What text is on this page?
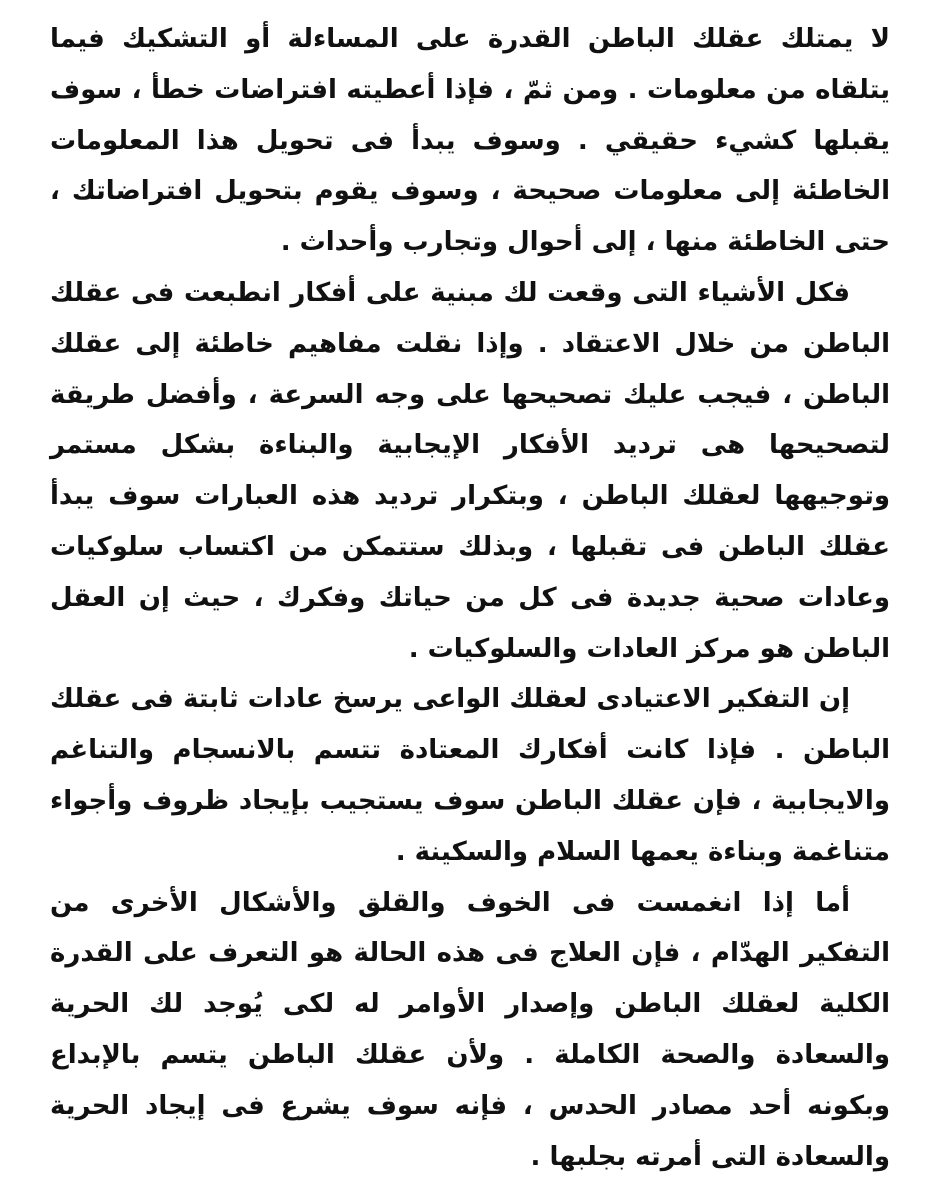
لا يمتلك عقلك الباطن القدرة على المساءلة أو التشكيك فيما يتلقاه من معلومات . ومن ثمّ ، فإذا أعطيته افتراضات خطأ ، سوف يقبلها كشيء حقيقي . وسوف يبدأ فى تحويل هذا المعلومات الخاطئة إلى معلومات صحيحة ، وسوف يقوم بتحويل افتراضاتك ، حتى الخاطئة منها ، إلى أحوال وتجارب وأحداث .

فكل الأشياء التى وقعت لك مبنية على أفكار انطبعت فى عقلك الباطن من خلال الاعتقاد . وإذا نقلت مفاهيم خاطئة إلى عقلك الباطن ، فيجب عليك تصحيحها على وجه السرعة ، وأفضل طريقة لتصحيحها هى ترديد الأفكار الإيجابية والبناءة بشكل مستمر وتوجيهها لعقلك الباطن ، وبتكرار ترديد هذه العبارات سوف يبدأ عقلك الباطن فى تقبلها ، وبذلك ستتمكن من اكتساب سلوكيات وعادات صحية جديدة فى كل من حياتك وفكرك ، حيث إن العقل الباطن هو مركز العادات والسلوكيات .

إن التفكير الاعتيادى لعقلك الواعى يرسخ عادات ثابتة فى عقلك الباطن . فإذا كانت أفكارك المعتادة تتسم بالانسجام والتناغم والايجابية ، فإن عقلك الباطن سوف يستجيب بإيجاد ظروف وأجواء متناغمة وبناءة يعمها السلام والسكينة .

أما إذا انغمست فى الخوف والقلق والأشكال الأخرى من التفكير الهدّام ، فإن العلاج فى هذه الحالة هو التعرف على القدرة الكلية لعقلك الباطن وإصدار الأوامر له لكى يُوجد لك الحرية والسعادة والصحة الكاملة . ولأن عقلك الباطن يتسم بالإبداع وبكونه أحد مصادر الحدس ، فإنه سوف يشرع فى إيجاد الحرية والسعادة التى أمرته بجلبها .
